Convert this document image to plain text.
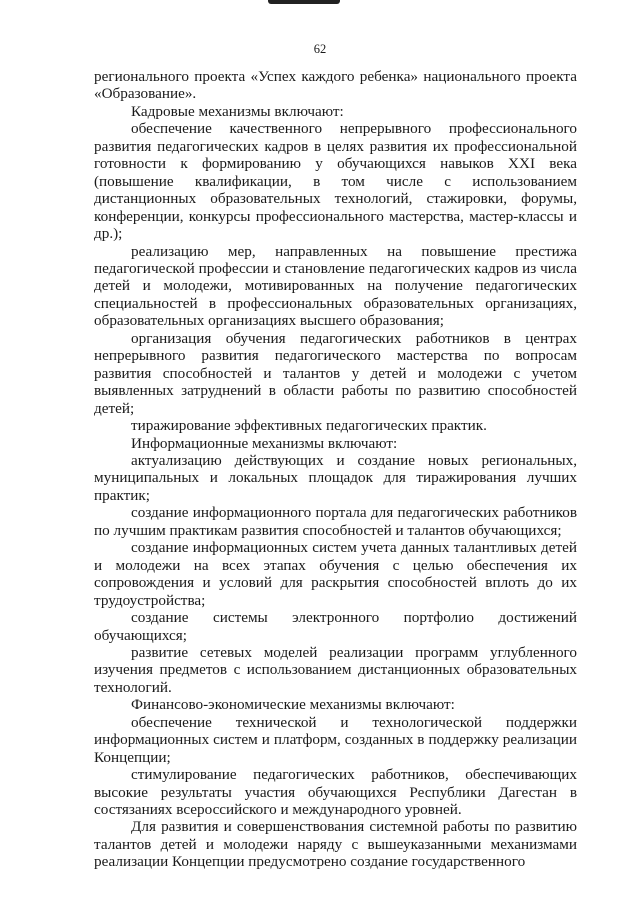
62

регионального проекта «Успех каждого ребенка» национального проекта «Образование».

Кадровые механизмы включают:

обеспечение качественного непрерывного профессионального развития педагогических кадров в целях развития их профессиональной готовности к формированию у обучающихся навыков XXI века (повышение квалификации, в том числе с использованием дистанционных образовательных технологий, стажировки, форумы, конференции, конкурсы профессионального мастерства, мастер-классы и др.);

реализацию мер, направленных на повышение престижа педагогической профессии и становление педагогических кадров из числа детей и молодежи, мотивированных на получение педагогических специальностей в профессиональных образовательных организациях, образовательных организациях высшего образования;

организация обучения педагогических работников в центрах непрерывного развития педагогического мастерства по вопросам развития способностей и талантов у детей и молодежи с учетом выявленных затруднений в области работы по развитию способностей детей;

тиражирование эффективных педагогических практик.

Информационные механизмы включают:

актуализацию действующих и создание новых региональных, муниципальных и локальных площадок для тиражирования лучших практик;

создание информационного портала для педагогических работников по лучшим практикам развития способностей и талантов обучающихся;

создание информационных систем учета данных талантливых детей и молодежи на всех этапах обучения с целью обеспечения их сопровождения и условий для раскрытия способностей вплоть до их трудоустройства;

создание системы электронного портфолио достижений обучающихся;

развитие сетевых моделей реализации программ углубленного изучения предметов с использованием дистанционных образовательных технологий.

Финансово-экономические механизмы включают:

обеспечение технической и технологической поддержки информационных систем и платформ, созданных в поддержку реализации Концепции;

стимулирование педагогических работников, обеспечивающих высокие результаты участия обучающихся Республики Дагестан в состязаниях всероссийского и международного уровней.

Для развития и совершенствования системной работы по развитию талантов детей и молодежи наряду с вышеуказанными механизмами реализации Концепции предусмотрено создание государственного
